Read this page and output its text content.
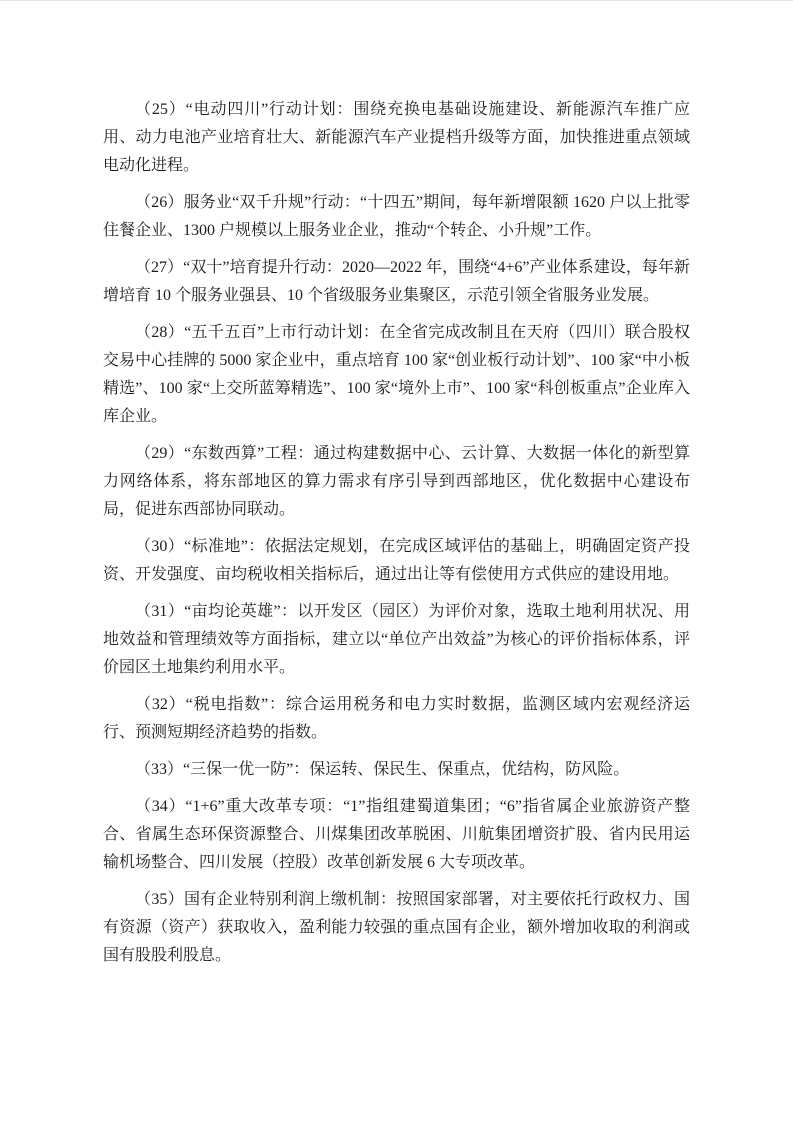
（25）“电动四川”行动计划：围绕充换电基础设施建设、新能源汽车推广应用、动力电池产业培育壮大、新能源汽车产业提档升级等方面，加快推进重点领域电动化进程。

（26）服务业“双千升规”行动：“十四五”期间，每年新增限额 1620 户以上批零住餐企业、1300 户规模以上服务业企业，推动“个转企、小升规”工作。

（27）“双十”培育提升行动：2020—2022 年，围绕“4+6”产业体系建设，每年新增培育 10 个服务业强县、10 个省级服务业集聚区，示范引领全省服务业发展。

（28）“五千五百”上市行动计划：在全省完成改制且在天府（四川）联合股权交易中心挂牌的 5000 家企业中，重点培育 100 家“创业板行动计划”、100 家“中小板精选”、100 家“上交所蓝筹精选”、100 家“境外上市”、100 家“科创板重点”企业库入库企业。

（29）“东数西算”工程：通过构建数据中心、云计算、大数据一体化的新型算力网络体系，将东部地区的算力需求有序引导到西部地区，优化数据中心建设布局，促进东西部协同联动。

（30）“标准地”：依据法定规划，在完成区域评估的基础上，明确固定资产投资、开发强度、亩均税收相关指标后，通过出让等有偿使用方式供应的建设用地。

（31）“亩均论英雄”：以开发区（园区）为评价对象，选取土地利用状况、用地效益和管理绩效等方面指标，建立以“单位产出效益”为核心的评价指标体系，评价园区土地集约利用水平。

（32）“税电指数”：综合运用税务和电力实时数据，监测区域内宏观经济运行、预测短期经济趋势的指数。

（33）“三保一优一防”：保运转、保民生、保重点，优结构，防风险。

（34）“1+6”重大改革专项：“1”指组建蜀道集团；“6”指省属企业旅游资产整合、省属生态环保资源整合、川煤集团改革脱困、川航集团增资扩股、省内民用运输机场整合、四川发展（控股）改革创新发展 6 大专项改革。

（35）国有企业特别利润上缴机制：按照国家部署，对主要依托行政权力、国有资源（资产）获取收入，盈利能力较强的重点国有企业，额外增加收取的利润或国有股股利股息。
